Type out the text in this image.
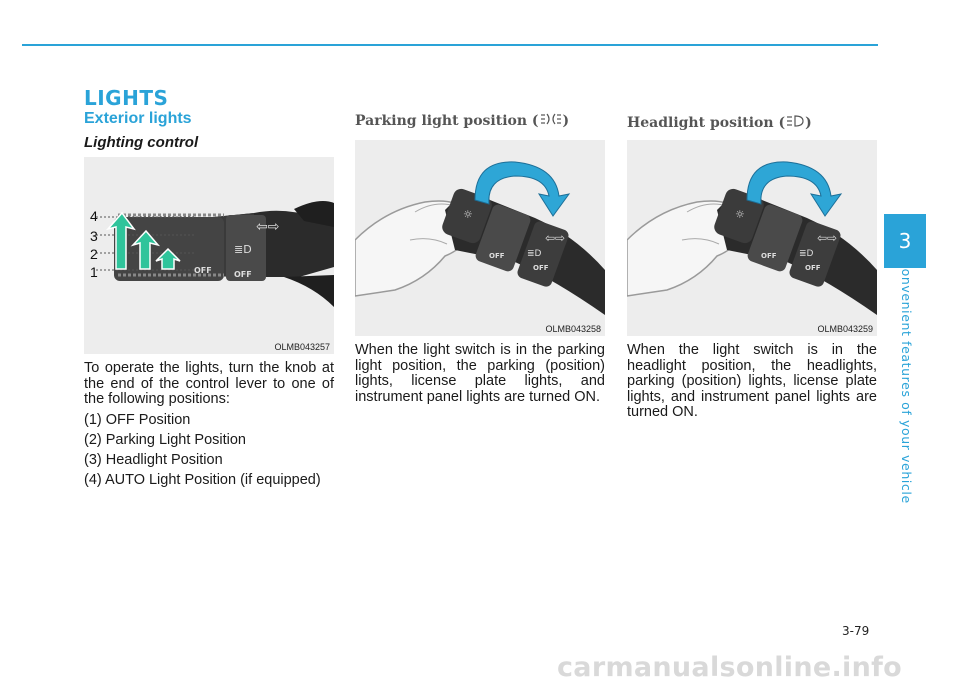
LIGHTS
Exterior lights
Lighting control
⇦⇨
≣D
OFF	OFF
4
3
2
1
OLMB043257

To operate the lights, turn the knob at the end of the control lever to one of the following positions:

(1) OFF Position
(2) Parking Light Position
(3) Headlight Position
(4) AUTO Light Position (if equipped)
Parking light position ( )
☼
⇦⇨
≣D
OFF
OFF
OLMB043258

When the light switch is in the parking light position, the parking (position) lights, license plate lights, and instrument panel lights are turned ON.

Headlight position ( )
☼
⇦⇨
≣D
OFF
OFF
OLMB043259

When the light switch is in the headlight position, the headlights, parking (position) lights, license plate lights, and instrument panel lights are turned ON.

3
Convenient features of your vehicle
3-79
carmanualsonline.info
